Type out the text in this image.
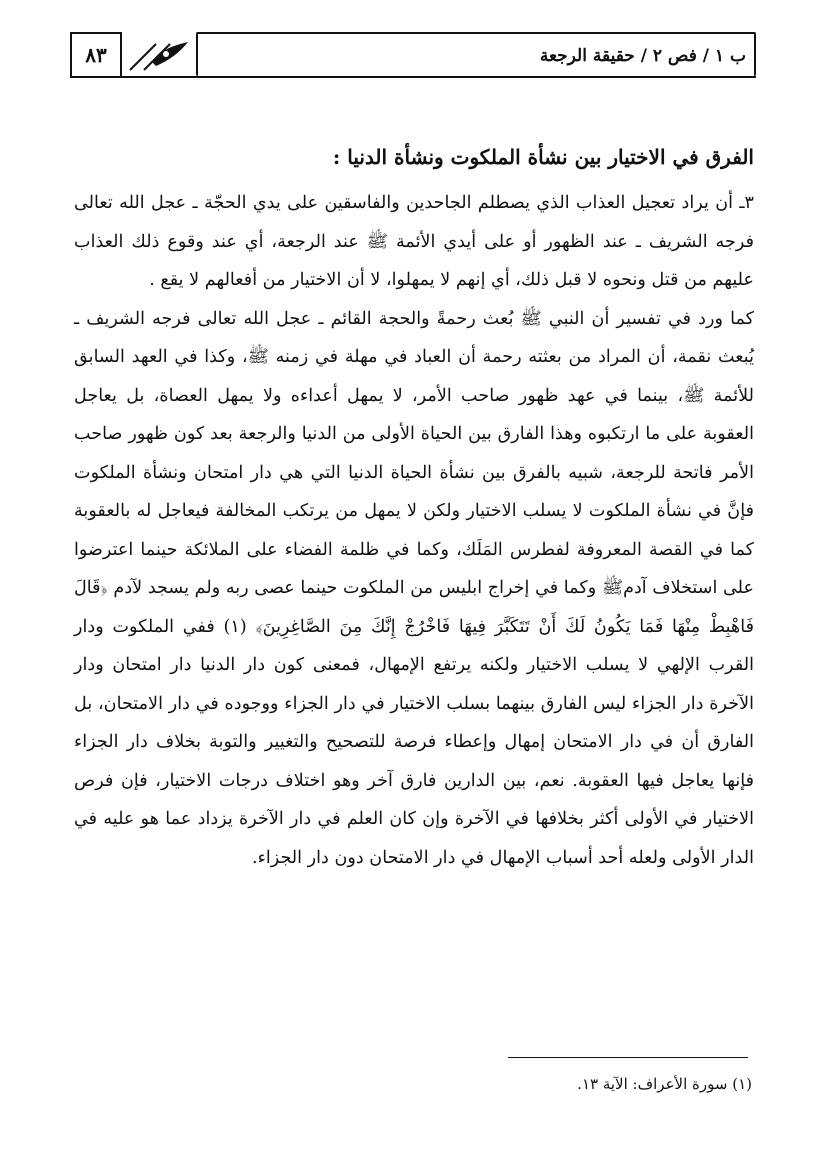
٨٣	ب ١ / فص ٢ / حقيقة الرجعة
الفرق في الاختيار بين نشأة الملكوت ونشأة الدنيا :

٣ـ أن يراد تعجيل العذاب الذي يصطلم الجاحدين والفاسقين على يدي الحجّة ـ عجل الله تعالى فرجه الشريف ـ عند الظهور أو على أيدي الأئمة ﷺ عند الرجعة، أي عند وقوع ذلك العذاب عليهم من قتل ونحوه لا قبل ذلك، أي إنهم لا يمهلوا، لا أن الاختيار من أفعالهم لا يقع .

كما ورد في تفسير أن النبي ﷺ بُعث رحمةً والحجة القائم ـ عجل الله تعالى فرجه الشريف ـ يُبعث نقمة، أن المراد من بعثته رحمة أن العباد في مهلة في زمنه ﷺ، وكذا في العهد السابق للأئمة ﷺ، بينما في عهد ظهور صاحب الأمر، لا يمهل أعداءه ولا يمهل العصاة، بل يعاجل العقوبة على ما ارتكبوه وهذا الفارق بين الحياة الأولى من الدنيا والرجعة بعد كون ظهور صاحب الأمر فاتحة للرجعة، شبيه بالفرق بين نشأة الحياة الدنيا التي هي دار امتحان ونشأة الملكوت فإنَّ في نشأة الملكوت لا يسلب الاختيار ولكن لا يمهل من يرتكب المخالفة فيعاجل له بالعقوبة كما في القصة المعروفة لفطرس المَلَك، وكما في ظلمة الفضاء على الملائكة حينما اعترضوا على استخلاف آدمﷺ وكما في إخراج ابليس من الملكوت حينما عصى ربه ولم يسجد لآدم ﴿قَالَ فَاهْبِطْ مِنْهَا فَمَا يَكُونُ لَكَ أَنْ تَتَكَبَّرَ فِيهَا فَاخْرُجْ إِنَّكَ مِنَ الصَّاغِرِينَ﴾ (١) ففي الملكوت ودار القرب الإلهي لا يسلب الاختيار ولكنه يرتفع الإمهال، فمعنى كون دار الدنيا دار امتحان ودار الآخرة دار الجزاء ليس الفارق بينهما بسلب الاختيار في دار الجزاء ووجوده في دار الامتحان، بل الفارق أن في دار الامتحان إمهال وإعطاء فرصة للتصحيح والتغيير والتوبة بخلاف دار الجزاء فإنها يعاجل فيها العقوبة. نعم، بين الدارين فارق آخر وهو اختلاف درجات الاختيار، فإن فرص الاختيار في الأولى أكثر بخلافها في الآخرة وإن كان العلم في دار الآخرة يزداد عما هو عليه في الدار الأولى ولعله أحد أسباب الإمهال في دار الامتحان دون دار الجزاء.

(١) سورة الأعراف: الآية ١٣.
